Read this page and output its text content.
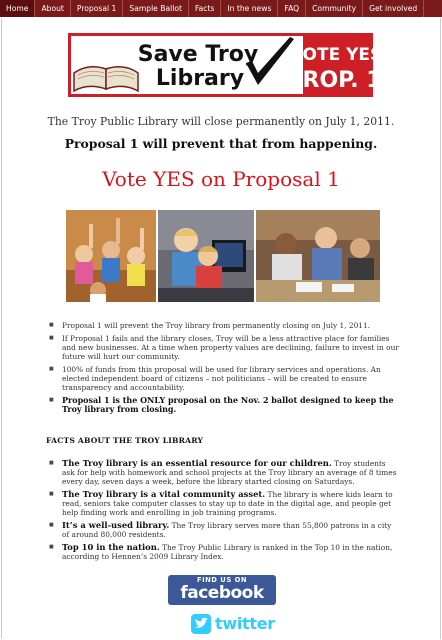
Home	About	Proposal 1	Sample Ballot	Facts	In the news	FAQ	Community	Get involved
Save Troy
Library
VOTE YES
PROP. 1
The Troy Public Library will close permanently on July 1, 2011.
Proposal 1 will prevent that from happening.
Vote YES on Proposal 1
■ Proposal 1 will prevent the Troy library from permanently closing on July 1, 2011.
■ If Proposal 1 fails and the library closes, Troy will be a less attractive place for families and new businesses. At a time when property values are declining, failure to invest in our future will hurt our community.
■ 100% of funds from this proposal will be used for library services and operations. An elected independent board of citizens – not politicians – will be created to ensure transparency and accountability.
■ Proposal 1 is the ONLY proposal on the Nov. 2 ballot designed to keep the Troy library from closing.
FACTS ABOUT THE TROY LIBRARY
■ The Troy library is an essential resource for our children. Troy students ask for help with homework and school projects at the Troy library an average of 8 times every day, seven days a week, before the library started closing on Saturdays.
■ The Troy library is a vital community asset. The library is where kids learn to read, seniors take computer classes to stay up to date in the digital age, and people get help finding work and enrolling in job training programs.
■ It’s a well-used library. The Troy library serves more than 55,800 patrons in a city of around 80,000 residents.
■ Top 10 in the nation. The Troy Public Library is ranked in the Top 10 in the nation, according to Hennen’s 2009 Library Index.
FIND US ON
facebook
twitter
